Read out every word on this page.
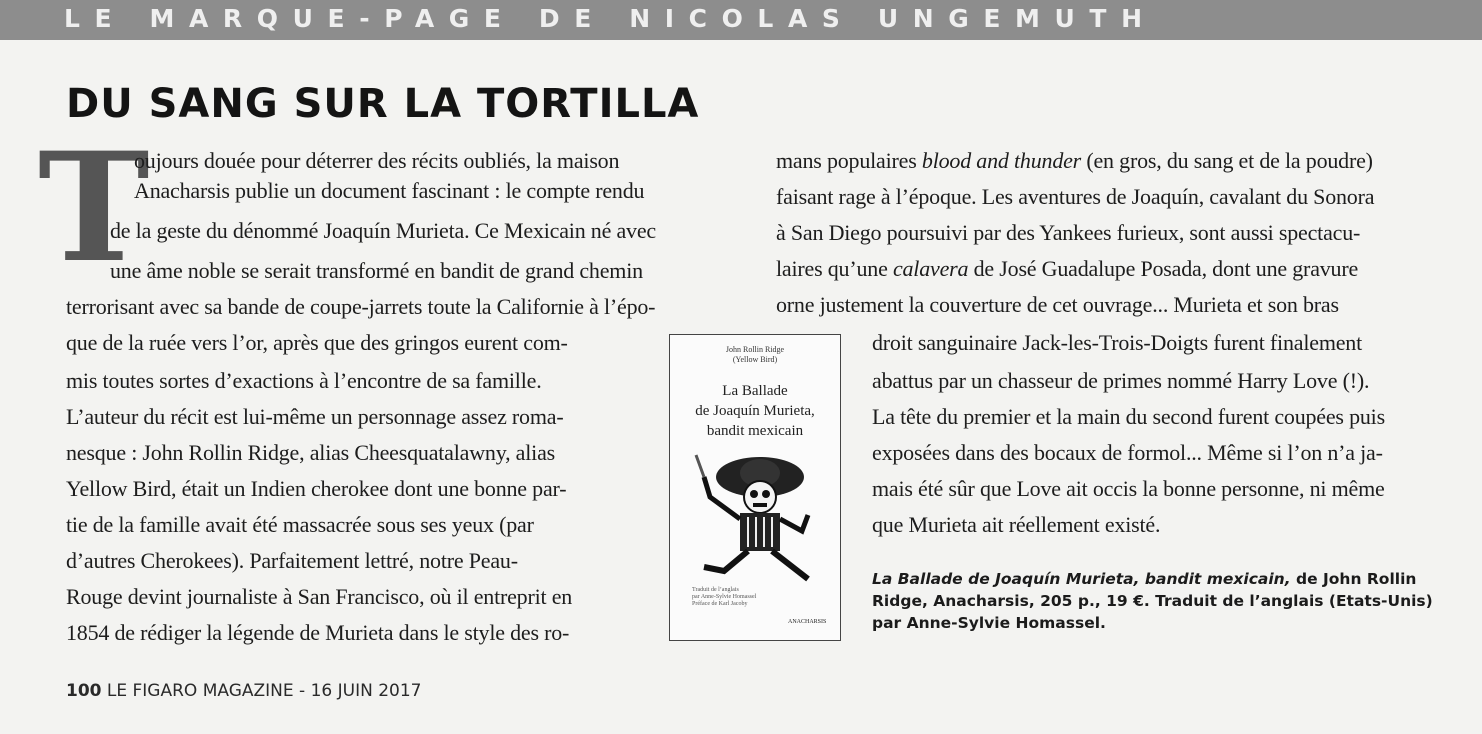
LE MARQUE-PAGE DE NICOLAS UNGEMUTH
DU SANG SUR LA TORTILLA
T
oujours douée pour déterrer des récits oubliés, la maison
Anacharsis publie un document fascinant : le compte rendu
de la geste du dénommé Joaquín Murieta. Ce Mexicain né avec
une âme noble se serait transformé en bandit de grand chemin
terrorisant avec sa bande de coupe-jarrets toute la Californie à l’épo-
que de la ruée vers l’or, après que des gringos eurent com-
mis toutes sortes d’exactions à l’encontre de sa famille.
L’auteur du récit est lui-même un personnage assez roma-
nesque : John Rollin Ridge, alias Cheesquatalawny, alias
Yellow Bird, était un Indien cherokee dont une bonne par-
tie de la famille avait été massacrée sous ses yeux (par
d’autres Cherokees). Parfaitement lettré, notre Peau-
Rouge devint journaliste à San Francisco, où il entreprit en
1854 de rédiger la légende de Murieta dans le style des ro-
mans populaires blood and thunder (en gros, du sang et de la poudre)
faisant rage à l’époque. Les aventures de Joaquín, cavalant du Sonora
à San Diego poursuivi par des Yankees furieux, sont aussi spectacu-
laires qu’une calavera de José Guadalupe Posada, dont une gravure
orne justement la couverture de cet ouvrage... Murieta et son bras
droit sanguinaire Jack-les-Trois-Doigts furent finalement
abattus par un chasseur de primes nommé Harry Love (!).
La tête du premier et la main du second furent coupées puis
exposées dans des bocaux de formol... Même si l’on n’a ja-
mais été sûr que Love ait occis la bonne personne, ni même
que Murieta ait réellement existé.
John Rollin Ridge
(Yellow Bird)
La Ballade
de Joaquín Murieta,
bandit mexicain
Traduit de l’anglais
par Anne-Sylvie Homassel
Préface de Karl Jacoby
ANACHARSIS
La Ballade de Joaquín Murieta, bandit mexicain, de John Rollin Ridge, Anacharsis, 205 p., 19 €. Traduit de l’anglais (Etats-Unis) par Anne-Sylvie Homassel.
100 LE FIGARO MAGAZINE - 16 JUIN 2017
